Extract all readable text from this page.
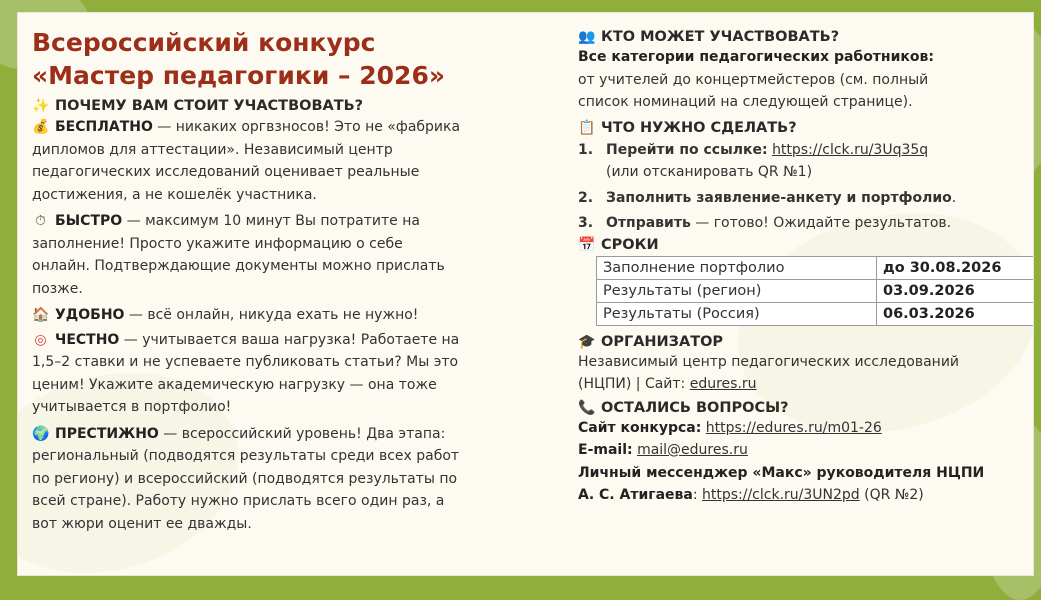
Всероссийский конкурс
«Мастер педагогики – 2026»
✨ ПОЧЕМУ ВАМ СТОИТ УЧАСТВОВАТЬ?

💰 БЕСПЛАТНО — никаких оргвзносов! Это не «фабрика

дипломов для аттестации». Независимый центр

педагогических исследований оценивает реальные

достижения, а не кошелёк участника.

⏱ БЫСТРО — максимум 10 минут Вы потратите на

заполнение! Просто укажите информацию о себе

онлайн. Подтверждающие документы можно прислать

позже.

🏠 УДОБНО — всё онлайн, никуда ехать не нужно!

◎ ЧЕСТНО — учитывается ваша нагрузка! Работаете на

1,5–2 ставки и не успеваете публиковать статьи? Мы это

ценим! Укажите академическую нагрузку — она тоже

учитывается в портфолио!

🌍 ПРЕСТИЖНО — всероссийский уровень! Два этапа:

региональный (подводятся результаты среди всех работ

по региону) и всероссийский (подводятся результаты по

всей стране). Работу нужно прислать всего один раз, а

вот жюри оценит ее дважды.

👥 КТО МОЖЕТ УЧАСТВОВАТЬ?

Все категории педагогических работников:

от учителей до концертмейстеров (см. полный

список номинаций на следующей странице).

📋 ЧТО НУЖНО СДЕЛАТЬ?
1. Перейти по ссылке: https://clck.ru/3Uq35q
(или отсканировать QR №1)
2. Заполнить заявление-анкету и портфолио.
3. Отправить — готово! Ожидайте результатов.
📅 СРОКИ
Заполнение портфолио	до 30.08.2026
Результаты (регион)	03.09.2026
Результаты (Россия)	06.03.2026
🎓 ОРГАНИЗАТОР

Независимый центр педагогических исследований

(НЦПИ) | Сайт: edures.ru

📞 ОСТАЛИСЬ ВОПРОСЫ?

Сайт конкурса: https://edures.ru/m01-26

E-mail: mail@edures.ru

Личный мессенджер «Макс» руководителя НЦПИ

А. С. Атигаева: https://clck.ru/3UN2pd (QR №2)
